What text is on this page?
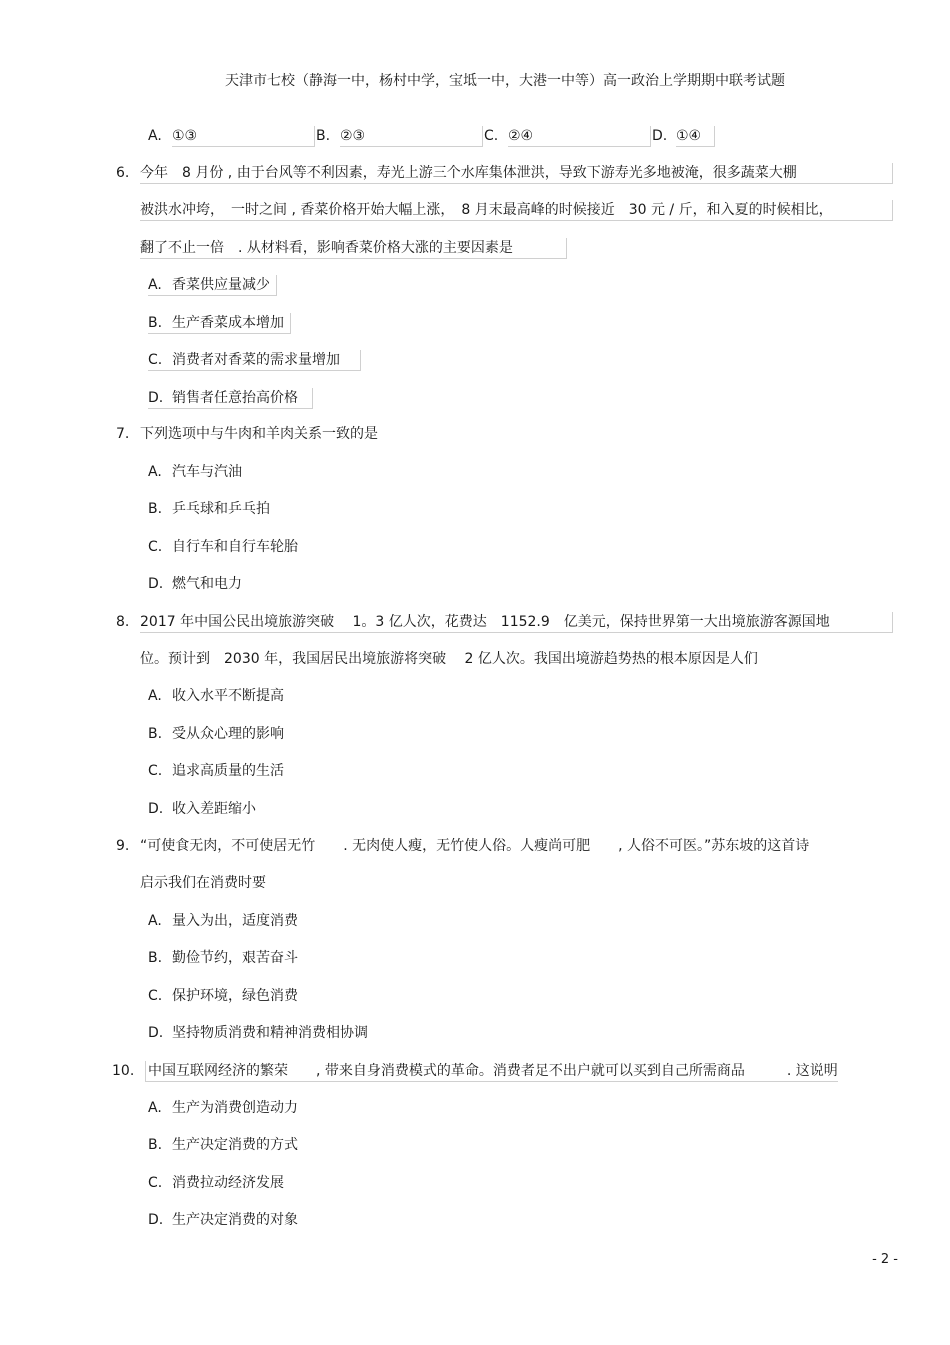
天津市七校（静海一中，杨村中学，宝坻一中，大港一中等）高一政治上学期期中联考试题
A. ①③	B. ②③	C. ②④	D. ①④
6. 今年　8 月份 , 由于台风等不利因素，寿光上游三个水库集体泄洪，导致下游寿光多地被淹，很多蔬菜大棚
被洪水冲垮，　一时之间 , 香菜价格开始大幅上涨，　8 月末最高峰的时候接近　30 元 / 斤，和入夏的时候相比，
翻了不止一倍　. 从材料看，影响香菜价格大涨的主要因素是
A. 香菜供应量减少
B. 生产香菜成本增加
C. 消费者对香菜的需求量增加
D. 销售者任意抬高价格
7. 下列选项中与牛肉和羊肉关系一致的是
A. 汽车与汽油
B. 乒乓球和乒乓拍
C. 自行车和自行车轮胎
D. 燃气和电力
8. 2017 年中国公民出境旅游突破　 1。3 亿人次，花费达　1152.9　亿美元，保持世界第一大出境旅游客源国地
位。预计到　2030 年，我国居民出境旅游将突破　 2 亿人次。我国出境游趋势热的根本原因是人们
A. 收入水平不断提高
B. 受从众心理的影响
C. 追求高质量的生活
D. 收入差距缩小
9. “可使食无肉，不可使居无竹　　. 无肉使人瘦，无竹使人俗。人瘦尚可肥　　, 人俗不可医。”苏东坡的这首诗
启示我们在消费时要
A. 量入为出，适度消费
B. 勤俭节约，艰苦奋斗
C. 保护环境，绿色消费
D. 坚持物质消费和精神消费相协调
10. 中国互联网经济的繁荣　　, 带来自身消费模式的革命。消费者足不出户就可以买到自己所需商品　　　. 这说明
A. 生产为消费创造动力
B. 生产决定消费的方式
C. 消费拉动经济发展
D. 生产决定消费的对象
- 2 -
